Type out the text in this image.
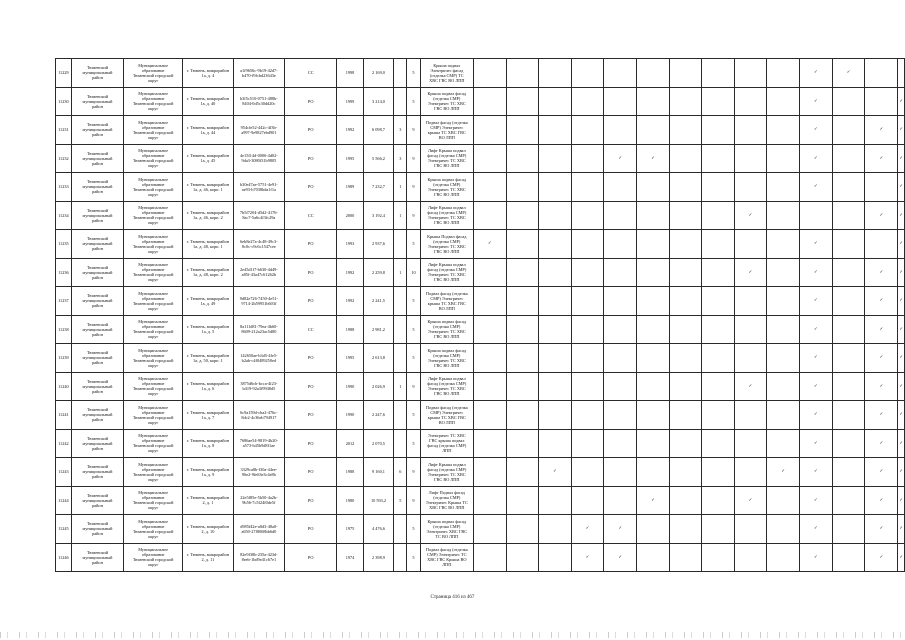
11229	Тюменский
муниципальный
район	Муниципальное
образование
Тюменский городской
округ	г. Тюмень, микрорайон
1а, д. 4	a1f9656c-9b19-42d7-
b470-f9fcbd23643e	СС	1998	2 169,0		5	Крыша подвал
Электричес фасад
(отделка СМР) ТС
ХВС ГВС ВО ЛПП											✓	✓		
11230	Тюменский
муниципальный
район	Муниципальное
образование
Тюменский городской
округ	г. Тюмень, микрорайон
1а, д. 40	b3f5c510-0751-488b-
8404-0d5c30dd20c	РО	1999	3 214,0		5	Крыша подвал фасад
(отделка СМР)
Электричес ТС ХВС
ГВС ВО ЛПП											✓			✓
11231	Тюменский
муниципальный
район	Муниципальное
образование
Тюменский городской
округ	г. Тюмень, микрорайон
1а, д. 44	954cfe52-442c-4f3b-
a997-9e9827ebd901	РО	1992	6 098,7	3	9	Подвал фасад (отделка
СМР) Электричес
крыша ТС ХВС ГВС
ВО ЛПП											✓		✓	✓
11232	Тюменский
муниципальный
район	Муниципальное
образование
Тюменский городской
округ	г. Тюмень, микрорайон
1а, д. 45	4e15f14d-0006-4d02-
9da3-3080f31b9805	РО	1995	5 566,2	3	9	Лифт Крыша подвал
фасад (отделка СМР)
Электричес ТС ХВС
ГВС ВО ЛПП					✓	✓					✓		✓	✓
11233	Тюменский
муниципальный
район	Муниципальное
образование
Тюменский городской
округ	г. Тюмень, микрорайон
1а, д. 46, корп. 1	b30e47ae-5751-4e91-
ae93-b7038bda1f1a	РО	1989	7 232,7	1	9	Крыша подвал фасад
(отделка СМР)
Электричес ТС ХВС
ГВС ВО ЛПП											✓			✓
11234	Тюменский
муниципальный
район	Муниципальное
образование
Тюменский городской
округ	г. Тюмень, микрорайон
1а, д. 46, корп. 2	7b5f7204-d5d2-4176-
8ac7-5a6c4f3fc29a	СС	2000	3 192,4	1	9	Лифт Крыша подвал
фасад (отделка СМР)
Электричес ТС ХВС
ГВС ВО ЛПП									✓				✓	✓
11235	Тюменский
муниципальный
район	Муниципальное
образование
Тюменский городской
округ	г. Тюмень, микрорайон
1а, д. 48, корп. 1	6eb8e27a-4c48-49c3-
8c0c-c9c6c1547cee	РО	1993	2 937,6		5	Крыша Подвал фасад
(отделка СМР)
Электричес ТС ХВС
ГВС ВО ЛПП	✓										✓			✓
11236	Тюменский
муниципальный
район	Муниципальное
образование
Тюменский городской
округ	г. Тюмень, микрорайон
1а, д. 48, корп. 2	2e45d1f7-b630-4d49-
a85f-43a47c61262b	РО	1992	2 259,8	1	10	Лифт Крыша подвал
фасад (отделка СМР)
Электричес ТС ХВС
ГВС ВО ЛПП									✓		✓		✓	✓
11237	Тюменский
муниципальный
район	Муниципальное
образование
Тюменский городской
округ	г. Тюмень, микрорайон
1а, д. 49	9d82e726-7450-4e51-
9714-2b59951b603f	РО	1992	2 241,5		5	Подвал фасад (отделка
СМР) Электричес
крыша ТС ХВС ГВС
ВО ЛПП											✓		✓	✓
11238	Тюменский
муниципальный
район	Муниципальное
образование
Тюменский городской
округ	г. Тюмень, микрорайон
1а, д. 5	8a111d81-79ea-4b60-
8609-212a23ac5d80	СС	1988	2 981,2		5	Крыша подвал фасад
(отделка СМР)
Электричес ТС ХВС
ГВС ВО ЛПП											✓		✓	✓
11239	Тюменский
муниципальный
район	Муниципальное
образование
Тюменский городской
округ	г. Тюмень, микрорайон
1а, д. 50, корп. 1	142650ae-b3d5-4fe5-
b2ab-c4f0489250ed	РО	1995	2 613,8		5	Крыша подвал фасад
(отделка СМР)
Электричес ТС ХВС
ГВС ВО ЛПП											✓		✓	✓
11240	Тюменский
муниципальный
район	Муниципальное
образование
Тюменский городской
округ	г. Тюмень, микрорайон
1а, д. 6	3875d6cb-bcca-4f23-
b419-92a3f9948d5	РО	1990	2 026,9	1	9	Лифт Крыша подвал
фасад (отделка СМР)
Электричес ТС ХВС
ГВС ВО ЛПП									✓		✓		✓	✓
11241	Тюменский
муниципальный
район	Муниципальное
образование
Тюменский городской
округ	г. Тюмень, микрорайон
1а, д. 7	6c9a159d-cba2-476c-
8dc2-4c36eb794917	РО	1990	2 247,6		5	Подвал фасад (отделка
СМР) Электричес
крыша ТС ХВС ГВС
ВО ЛПП											✓		✓	✓
11242	Тюменский
муниципальный
район	Муниципальное
образование
Тюменский городской
округ	г. Тюмень, микрорайон
1а, д. 8	7686ae54-9819-4b20-
a573-b45b9d8f1ae	РО	2012	2 070,5		5	Электричес ТС ХВС
ГВС крыша подвал
фасад (отделка СМР)
ЛПП											✓		✓	✓
11243	Тюменский
муниципальный
район	Муниципальное
образование
Тюменский городской
округ	г. Тюмень, микрорайон
1а, д. 9	3329ca8b-f30a-44ee-
96e2-9fe63e3c4e8b	РО	1988	9 160,1	6	9	Лифт Крыша подвал
фасад (отделка СМР)
Электричес ТС ХВС
ГВС ВО ЛПП			✓							✓	✓		✓	✓
11244	Тюменский
муниципальный
район	Муниципальное
образование
Тюменский городской
округ	г. Тюмень, микрорайон
2, д. 1	22e5f85e-5b50-4a2b-
9b56-7c5f24f0de5f	РО	1980	10 593,2	5	9	Лифт Подвал фасад
(отделка СМР)
Электричес Крыша ТС
ХВС ГВС ВО ЛПП						✓			✓		✓		✓	✓
11245	Тюменский
муниципальный
район	Муниципальное
образование
Тюменский городской
округ	г. Тюмень, микрорайон
2, д. 10	d985f42e-a8d3-48a0-
a650-27f8068bb6d0	РО	1975	4 476,6		5	Крыша подвал фасад
(отделка СМР)
Электричес ХВС ГВС
ТС ВО ЛПП				✓	✓						✓		✓	✓
11246	Тюменский
муниципальный
район	Муниципальное
образование
Тюменский городской
округ	г. Тюмень, микрорайон
2, д. 11	82e9f38b-235a-423d-
8eeb-1bd9e41c67e1	РО	1974	2 398,9		5	Подвал фасад (отделка
СМР) Электричес ТС
ХВС ГВС Крыша ВО
ЛПП				✓	✓						✓		✓	✓
Страница 416 из 467
